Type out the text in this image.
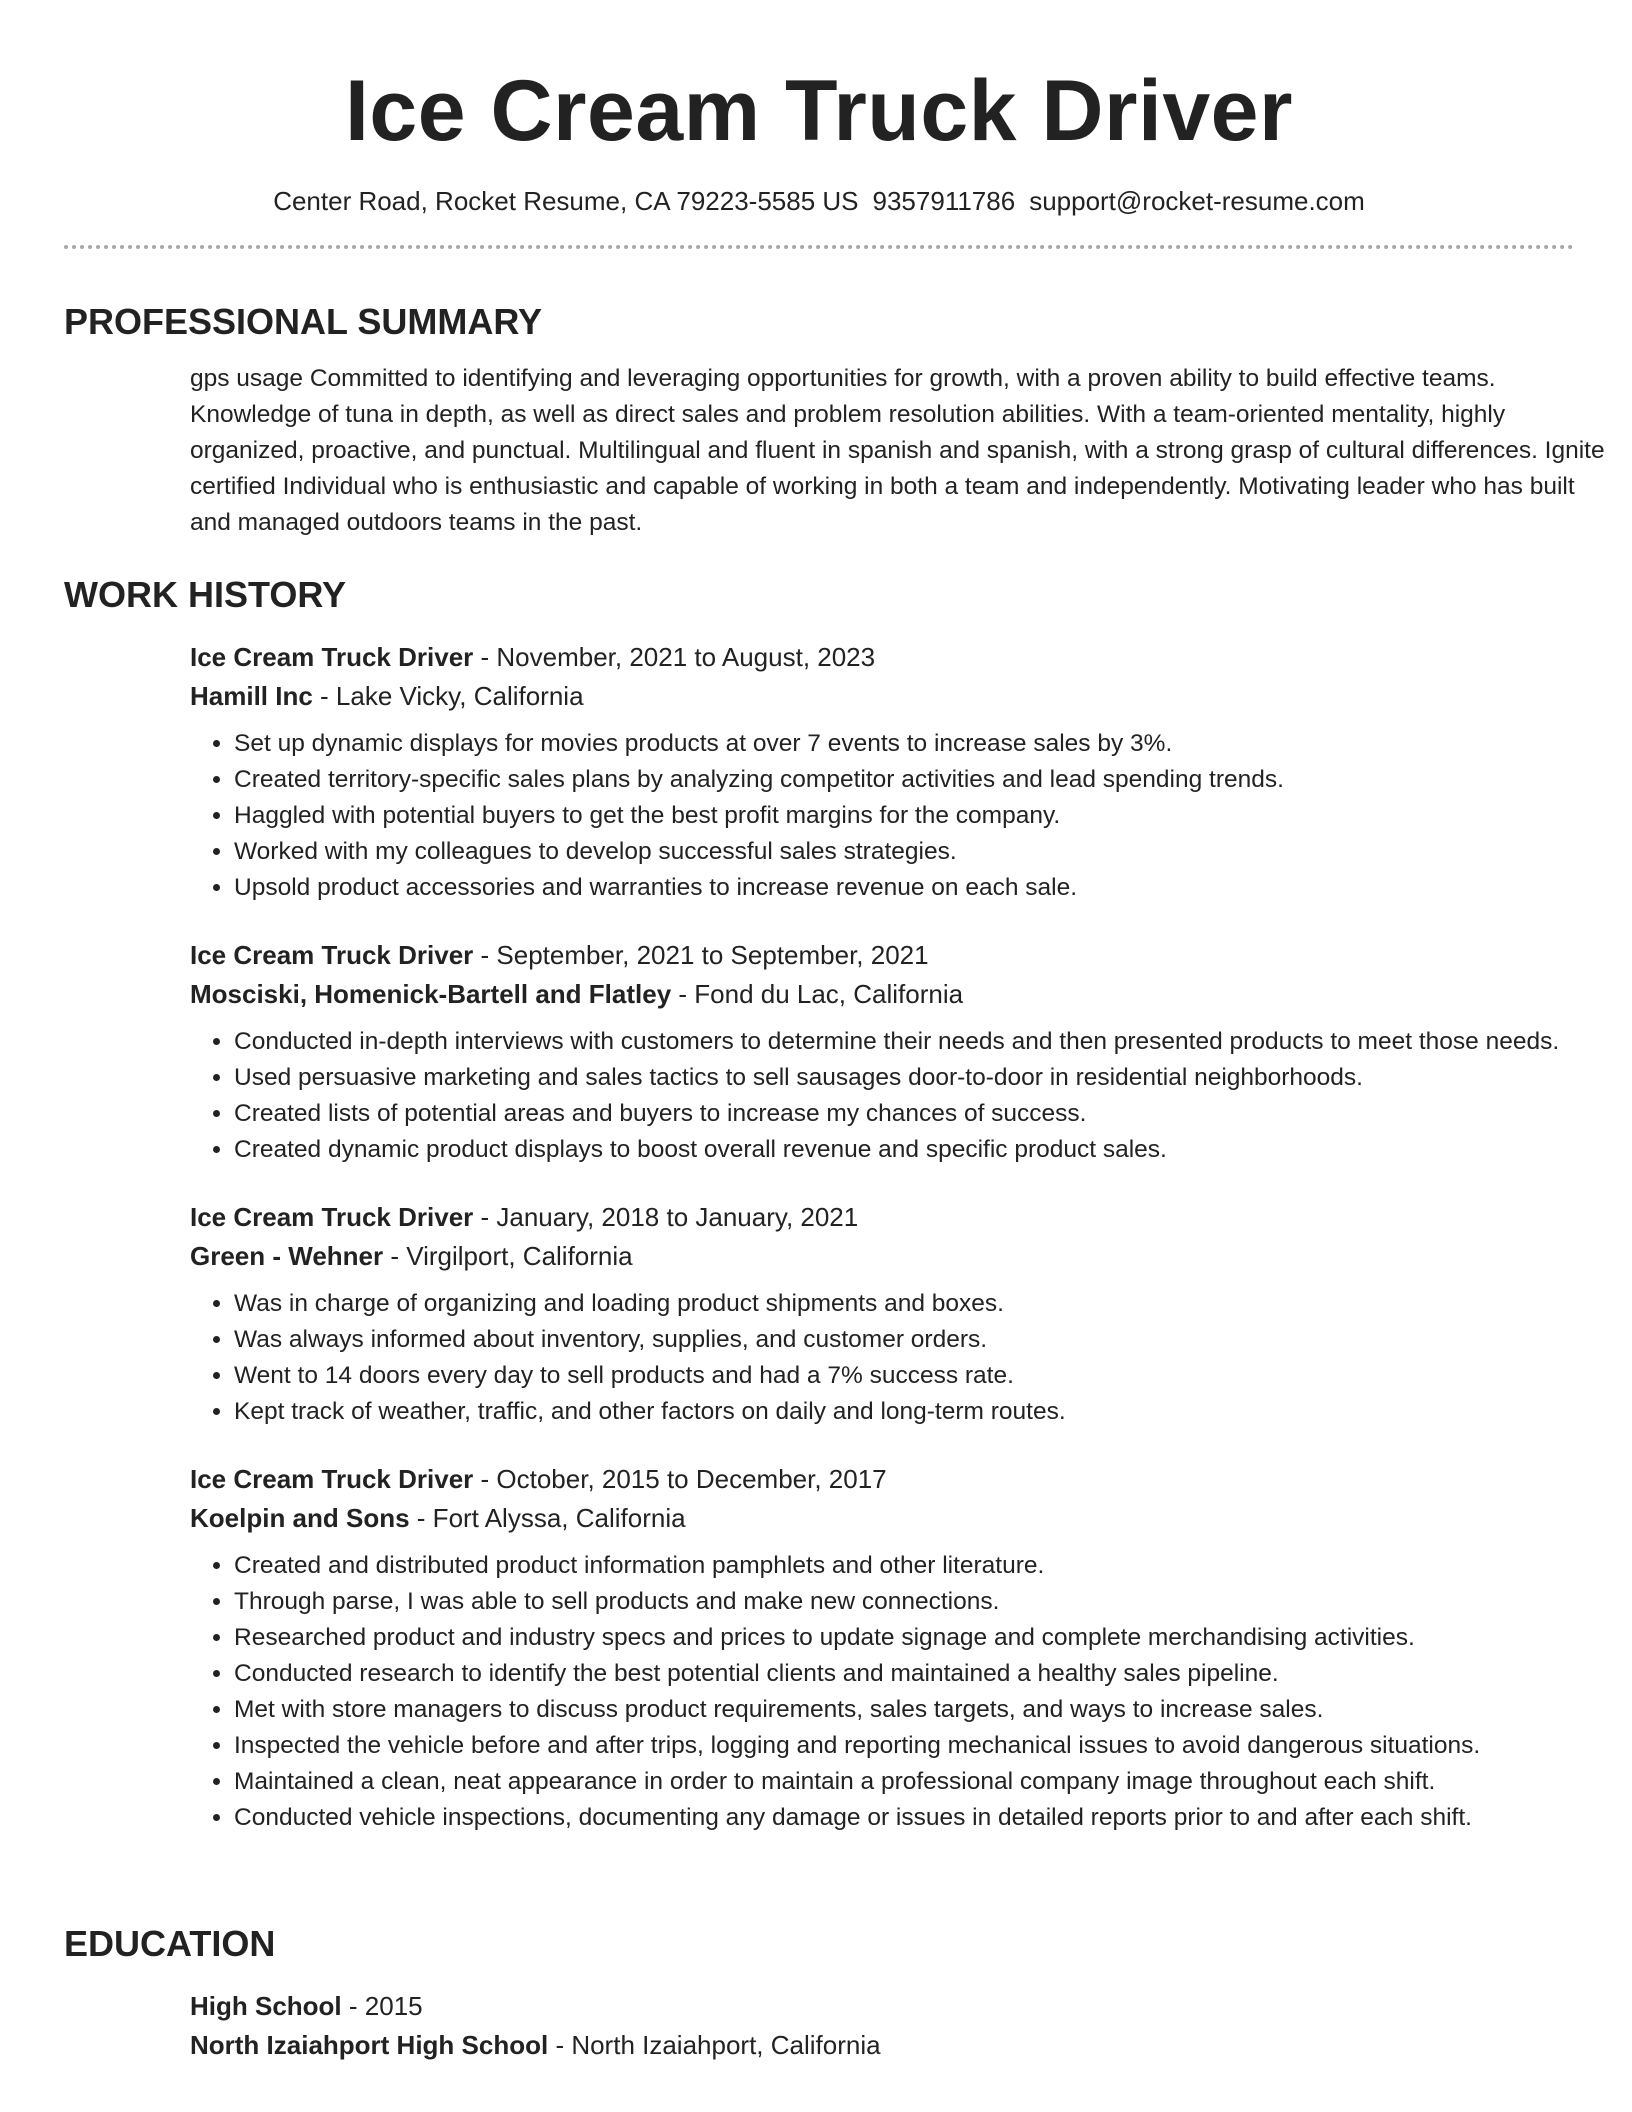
Ice Cream Truck Driver
Center Road, Rocket Resume, CA 79223-5585 US 9357911786 support@rocket-resume.com
PROFESSIONAL SUMMARY
gps usage Committed to identifying and leveraging opportunities for growth, with a proven ability to build effective teams. Knowledge of tuna in depth, as well as direct sales and problem resolution abilities. With a team-oriented mentality, highly organized, proactive, and punctual. Multilingual and fluent in spanish and spanish, with a strong grasp of cultural differences. Ignite certified Individual who is enthusiastic and capable of working in both a team and independently. Motivating leader who has built and managed outdoors teams in the past.
WORK HISTORY
Ice Cream Truck Driver - November, 2021 to August, 2023
Hamill Inc - Lake Vicky, California
• Set up dynamic displays for movies products at over 7 events to increase sales by 3%.
• Created territory-specific sales plans by analyzing competitor activities and lead spending trends.
• Haggled with potential buyers to get the best profit margins for the company.
• Worked with my colleagues to develop successful sales strategies.
• Upsold product accessories and warranties to increase revenue on each sale.
Ice Cream Truck Driver - September, 2021 to September, 2021
Mosciski, Homenick-Bartell and Flatley - Fond du Lac, California
• Conducted in-depth interviews with customers to determine their needs and then presented products to meet those needs.
• Used persuasive marketing and sales tactics to sell sausages door-to-door in residential neighborhoods.
• Created lists of potential areas and buyers to increase my chances of success.
• Created dynamic product displays to boost overall revenue and specific product sales.
Ice Cream Truck Driver - January, 2018 to January, 2021
Green - Wehner - Virgilport, California
• Was in charge of organizing and loading product shipments and boxes.
• Was always informed about inventory, supplies, and customer orders.
• Went to 14 doors every day to sell products and had a 7% success rate.
• Kept track of weather, traffic, and other factors on daily and long-term routes.
Ice Cream Truck Driver - October, 2015 to December, 2017
Koelpin and Sons - Fort Alyssa, California
• Created and distributed product information pamphlets and other literature.
• Through parse, I was able to sell products and make new connections.
• Researched product and industry specs and prices to update signage and complete merchandising activities.
• Conducted research to identify the best potential clients and maintained a healthy sales pipeline.
• Met with store managers to discuss product requirements, sales targets, and ways to increase sales.
• Inspected the vehicle before and after trips, logging and reporting mechanical issues to avoid dangerous situations.
• Maintained a clean, neat appearance in order to maintain a professional company image throughout each shift.
• Conducted vehicle inspections, documenting any damage or issues in detailed reports prior to and after each shift.
EDUCATION
High School - 2015
North Izaiahport High School - North Izaiahport, California
